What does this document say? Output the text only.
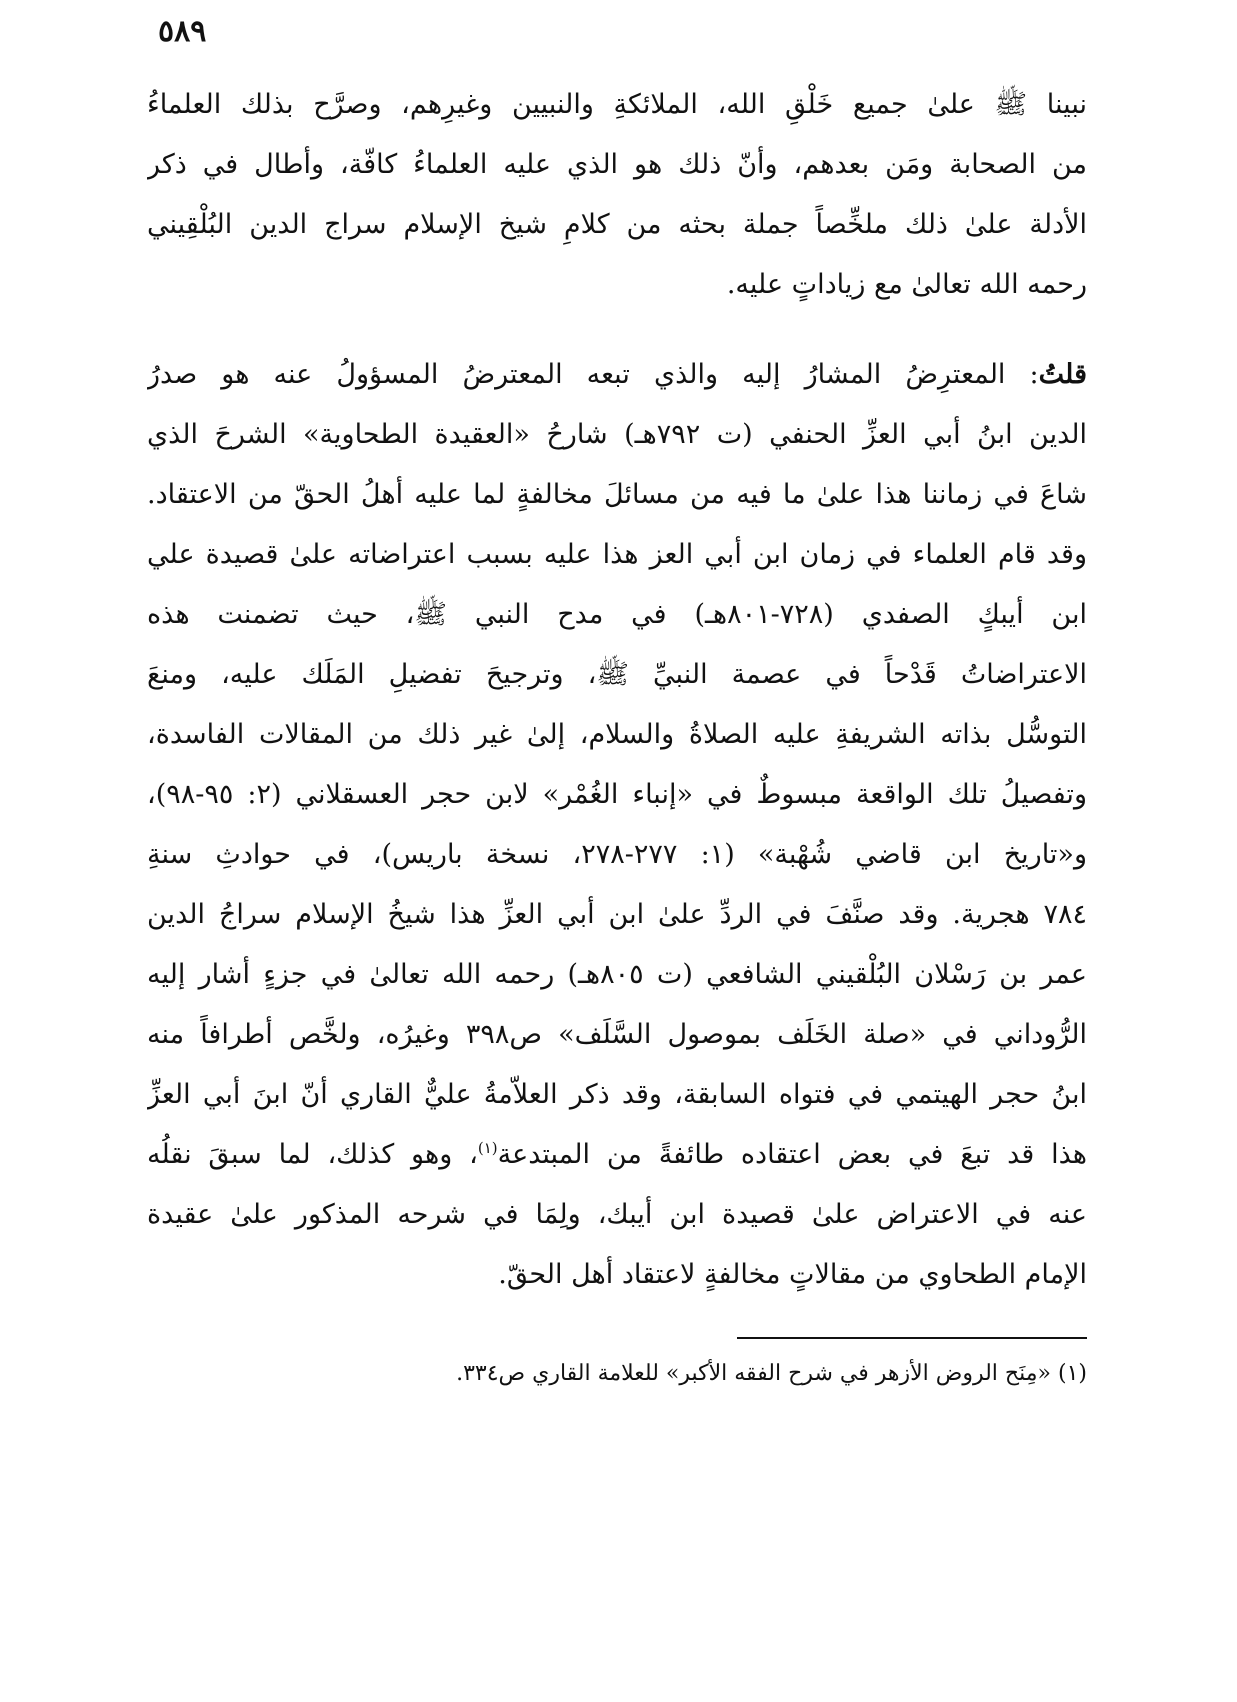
٥٨٩
نبينا ﷺ علىٰ جميع خَلْقِ الله، الملائكةِ والنبيين وغيرِهم، وصرَّح بذلك العلماءُ
من الصحابة ومَن بعدهم، وأنّ ذلك هو الذي عليه العلماءُ كافّة، وأطال في ذكر
الأدلة علىٰ ذلك ملخِّصاً جملة بحثه من كلامِ شيخ الإسلام سراج الدين البُلْقِيني
رحمه الله تعالىٰ مع زياداتٍ عليه.
قلتُ: المعترِضُ المشارُ إليه والذي تبعه المعترضُ المسؤولُ عنه هو صدرُ
الدين ابنُ أبي العزِّ الحنفي (ت ٧٩٢هـ) شارحُ «العقيدة الطحاوية» الشرحَ الذي
شاعَ في زماننا هذا علىٰ ما فيه من مسائلَ مخالفةٍ لما عليه أهلُ الحقّ من الاعتقاد.
وقد قام العلماء في زمان ابن أبي العز هذا عليه بسبب اعتراضاته علىٰ قصيدة علي
ابن أيبكٍ الصفدي (٧٢٨-٨٠١هـ) في مدح النبي ﷺ، حيث تضمنت هذه
الاعتراضاتُ قَدْحاً في عصمة النبيِّ ﷺ، وترجيحَ تفضيلِ المَلَك عليه، ومنعَ
التوسُّل بذاته الشريفةِ عليه الصلاةُ والسلام، إلىٰ غير ذلك من المقالات الفاسدة،
وتفصيلُ تلك الواقعة مبسوطٌ في «إنباء الغُمْر» لابن حجر العسقلاني (٢: ٩٥-٩٨)،
و«تاريخ ابن قاضي شُهْبة» (١: ٢٧٧-٢٧٨، نسخة باريس)، في حوادثِ سنةِ
٧٨٤ هجرية. وقد صنَّفَ في الردِّ علىٰ ابن أبي العزِّ هذا شيخُ الإسلام سراجُ الدين
عمر بن رَسْلان البُلْقيني الشافعي (ت ٨٠٥هـ) رحمه الله تعالىٰ في جزءٍ أشار إليه
الرُّوداني في «صلة الخَلَف بموصول السَّلَف» ص٣٩٨ وغيرُه، ولخَّص أطرافاً منه
ابنُ حجر الهيتمي في فتواه السابقة، وقد ذكر العلاّمةُ عليٌّ القاري أنّ ابنَ أبي العزِّ
هذا قد تبعَ في بعض اعتقاده طائفةً من المبتدعة$^{(١)}$، وهو كذلك، لما سبقَ نقلُه
عنه في الاعتراض علىٰ قصيدة ابن أيبك، ولِمَا في شرحه المذكور علىٰ عقيدة
الإمام الطحاوي من مقالاتٍ مخالفةٍ لاعتقاد أهل الحقّ.
(١) «مِنَح الروض الأزهر في شرح الفقه الأكبر» للعلامة القاري ص٣٣٤.
